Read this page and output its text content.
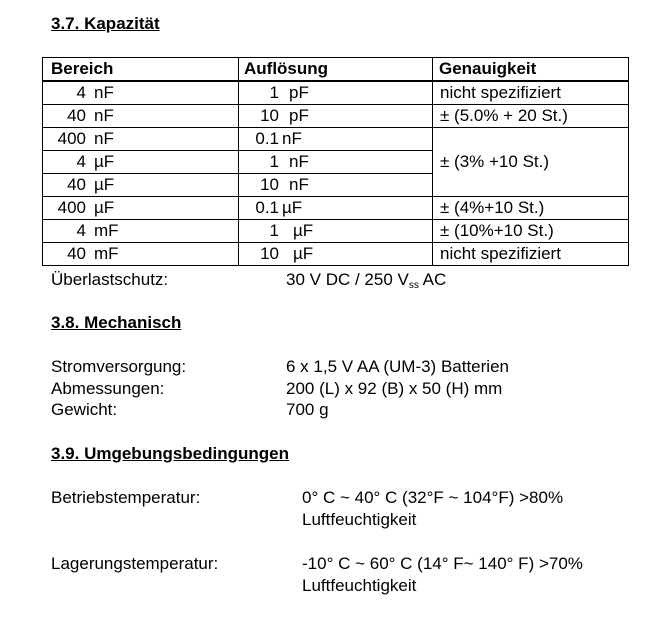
3.7. Kapazität
Bereich	Auflösung	Genauigkeit
4 nF	1 pF	nicht spezifiziert
40 nF	10 pF	± (5.0% + 20 St.)
400 nF	0.1 nF	± (3% +10 St.)
4 µF	1 nF	
40 µF	10 nF	
400 µF	0.1 µF	± (4%+10 St.)
4 mF	1 µF	± (10%+10 St.)
40 mF	10 µF	nicht spezifiziert
Überlastschutz:	30 V DC / 250 $V_{ss}$ AC
3.8. Mechanisch
Stromversorgung:	6 x 1,5 V AA (UM-3) Batterien
Abmessungen:	200 (L) x 92 (B) x 50 (H) mm
Gewicht:	700 g
3.9. Umgebungsbedingungen
Betriebstemperatur:	0° C ~ 40° C (32°F ~ 104°F) >80%
Luftfeuchtigkeit
Lagerungstemperatur:	-10° C ~ 60° C (14° F~ 140° F) >70%
Luftfeuchtigkeit
